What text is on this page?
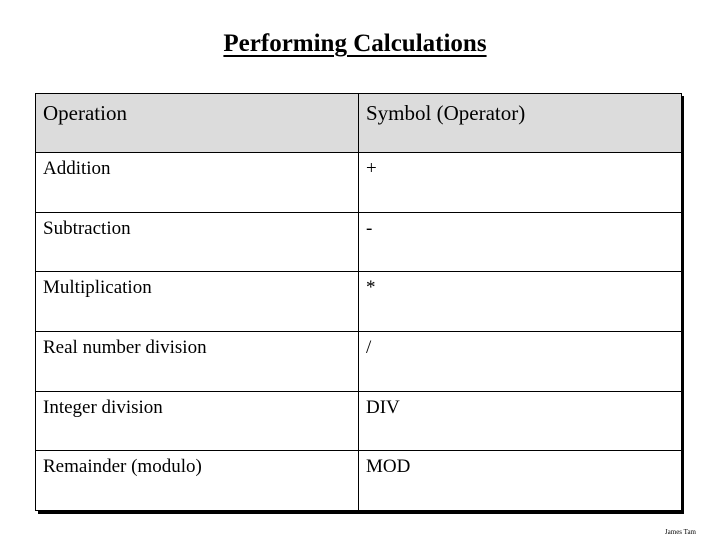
Performing Calculations
Operation	Symbol (Operator)
Addition	+
Subtraction	-
Multiplication	*
Real number division	/
Integer division	DIV
Remainder (modulo)	MOD
James Tam
